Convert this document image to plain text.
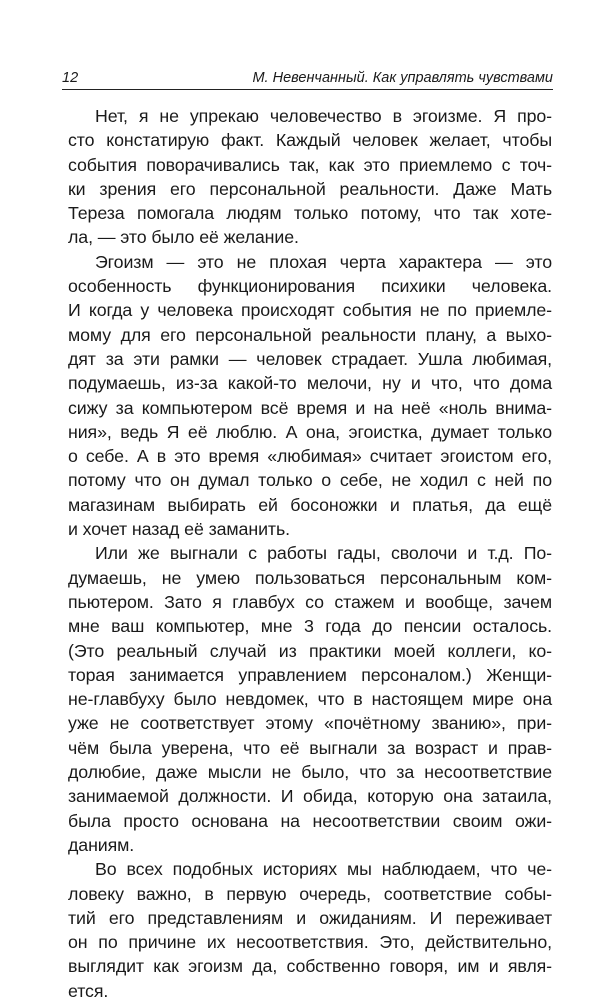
12	М. Невенчанный. Как управлять чувствами
Нет, я не упрекаю человечество в эгоизме. Я про-
сто констатирую факт. Каждый человек желает, чтобы
события поворачивались так, как это приемлемо с точ-
ки зрения его персональной реальности. Даже Мать
Тереза помогала людям только потому, что так хоте-
ла, — это было её желание.
Эгоизм — это не плохая черта характера — это
особенность функционирования психики человека.
И когда у человека происходят события не по приемле-
мому для его персональной реальности плану, а выхо-
дят за эти рамки — человек страдает. Ушла любимая,
подумаешь, из-за какой-то мелочи, ну и что, что дома
сижу за компьютером всё время и на неё «ноль внима-
ния», ведь Я её люблю. А она, эгоистка, думает только
о себе. А в это время «любимая» считает эгоистом его,
потому что он думал только о себе, не ходил с ней по
магазинам выбирать ей босоножки и платья, да ещё
и хочет назад её заманить.
Или же выгнали с работы гады, сволочи и т.д. По-
думаешь, не умею пользоваться персональным ком-
пьютером. Зато я главбух со стажем и вообще, зачем
мне ваш компьютер, мне 3 года до пенсии осталось.
(Это реальный случай из практики моей коллеги, ко-
торая занимается управлением персоналом.) Женщи-
не-главбуху было невдомек, что в настоящем мире она
уже не соответствует этому «почётному званию», при-
чём была уверена, что её выгнали за возраст и прав-
долюбие, даже мысли не было, что за несоответствие
занимаемой должности. И обида, которую она затаила,
была просто основана на несоответствии своим ожи-
даниям.
Во всех подобных историях мы наблюдаем, что че-
ловеку важно, в первую очередь, соответствие собы-
тий его представлениям и ожиданиям. И переживает
он по причине их несоответствия. Это, действительно,
выглядит как эгоизм да, собственно говоря, им и явля-
ется.
